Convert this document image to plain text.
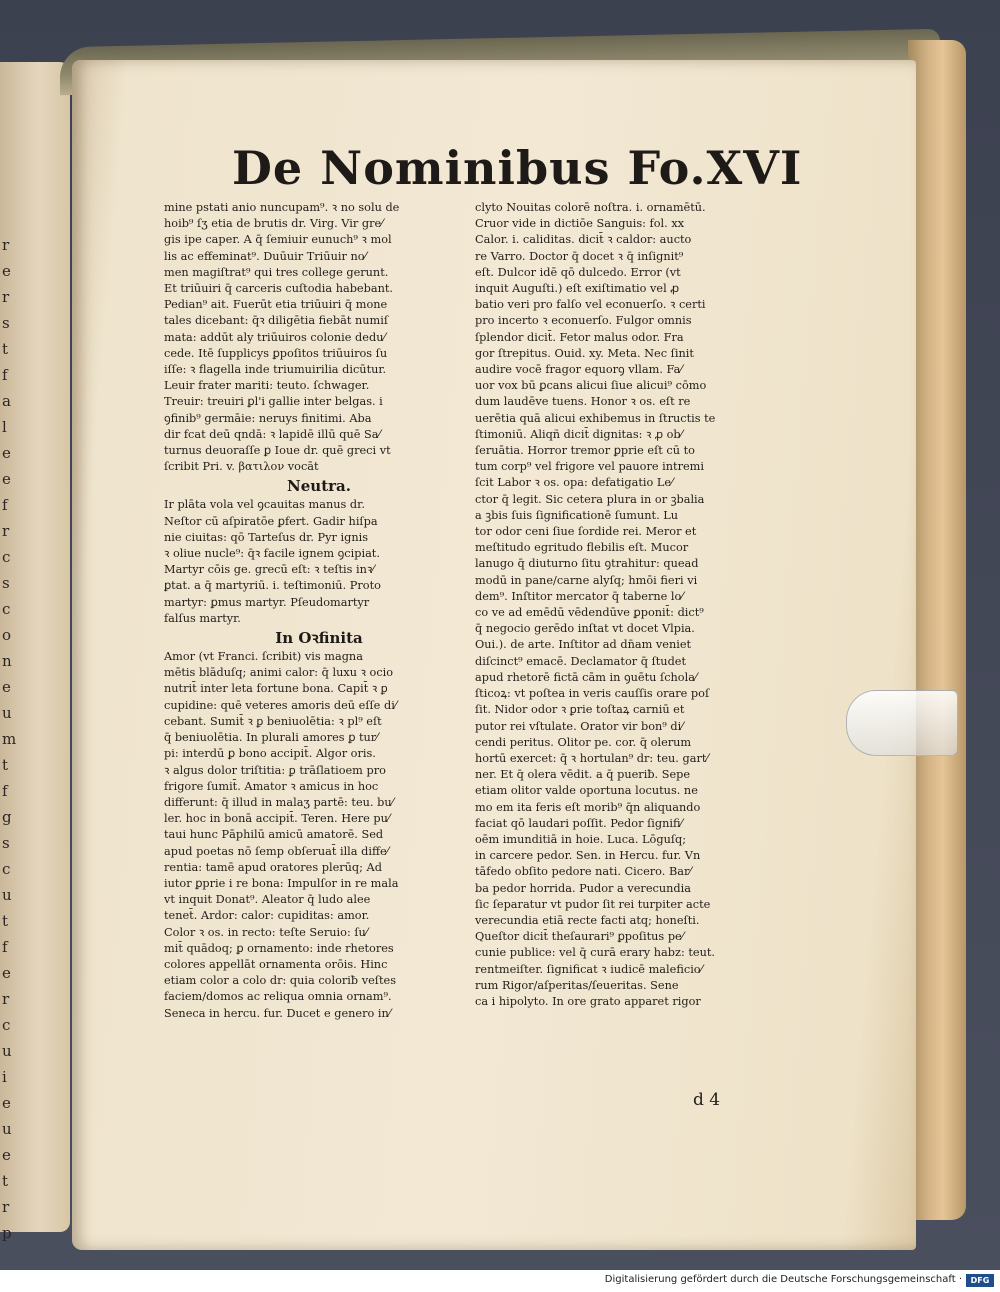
r e r s t f a l e e f r c s c o n e u m t f g s c u t f e r c u i e u e t r p
De Nominibus Fo.XVI
mine pstati anio nuncupam⁹. ꝛ no solu de
hoib⁹ ſʒ etia de brutis dr. Virg. Vir gre⁄
gis ipe caper. A q̄ ſemiuir eunuch⁹ ꝛ mol
lis ac effeminat⁹. Duūuir Triūuir no⁄
men magiſtrat⁹ qui tres college gerunt.
Et triūuiri q̄ carceris cuſtodia habebant.
Pedian⁹ ait. Fuerūt etia triūuiri q̄ mone
tales dicebant: q̄ꝛ diligētia fiebāt numiſ
mata: addūt aly triūuiros colonie dedu⁄
cede. Itē ſupplicys ꝑpoſitos triūuiros ſu
iſſe: ꝛ flagella inde triumuirilia dicūtur.
Leuir frater mariti: teuto. ſchwager.
Treuir: treuiri ꝑl'i gallie inter belgas. i
ꝯfinib⁹ germāie: neruys finitimi. Aba
dir fcat deū qndā: ꝛ lapidē illū quē Sa⁄
turnus deuoraſſe ꝑ Ioue dr. quē greci vt
ſcribit Pri. v. βατιλον vocāt
Neutra.
Ir plāta vola vel ꝯcauitas manus dr.
Neſtor cū aſpiratōe ꝑfert. Gadir hiſpa
nie ciuitas: qō Tarteſus dr. Pyr ignis
ꝛ oliue nucle⁹: q̄ꝛ facile ignem ꝯcipiat.
Martyr cōis ge. grecū eſt: ꝛ teſtis inꝛ⁄
ꝑtat. a q̄ martyriū. i. teſtimoniū. Proto
martyr: ꝑmus martyr. Pſeudomartyr
falſus martyr.
In Oꝛfinita
Amor (vt Franci. ſcribit) vis magna
mētis blāduſq; animi calor: q̄ luxu ꝛ ocio
nutrit̄ inter leta fortune bona. Capit̄ ꝛ ꝑ
cupidine: quē veteres amoris deū eſſe di⁄
cebant. Sumit̄ ꝛ ꝑ beniuolētia: ꝛ pl⁹ eſt
q̄ beniuolētia. In plurali amores ꝑ tur⁄
pi: interdū ꝑ bono accipit̄. Algor oris.
ꝛ algus dolor triſtitia: ꝑ trāſlatioem pro
frigore ſumit̄. Amator ꝛ amicus in hoc
differunt: q̄ illud in malaʒ partē: teu. bu⁄
ler. hoc in bonā accipit̄. Teren. Here pu⁄
taui hunc Pāphilū amicū amatorē. Sed
apud poetas nō ſemp obſeruat̄ illa diffe⁄
rentia: tamē apud oratores plerūq; Ad
iutor ꝑprie i re bona: Impulſor in re mala
vt inquit Donat⁹. Aleator q̄ ludo alee
tenet̄. Ardor: calor: cupiditas: amor.
Color ꝛ os. in recto: teſte Seruio: ſu⁄
mit̄ quādoq; ꝑ ornamento: inde rhetores
colores appellāt ornamenta orōis. Hinc
etiam color a colo dr: quia coloriƀ veſtes
faciem/domos ac reliqua omnia ornam⁹.
Seneca in hercu. fur. Ducet e genero in⁄
clyto Nouitas colorē noſtra. i. ornamētū.
Cruor vide in dictiōe Sanguis: fol. xx
Calor. i. caliditas. dicit̄ ꝛ caldor: aucto
re Varro. Doctor q̄ docet ꝛ q̄ inſignit⁹
eſt. Dulcor idē qō dulcedo. Error (vt
inquit Auguſti.) eſt exiſtimatio vel ꝓ
batio veri pro falſo vel econuerſo. ꝛ certi
pro incerto ꝛ econuerſo. Fulgor omnis
ſplendor dicit̄. Fetor malus odor. Fra
gor ſtrepitus. Ouid. xy. Meta. Nec ſinit
audire vocē fragor equorꝯ vllam. Fa⁄
uor vox bū ꝑcans alicui ſiue alicui⁹ cōmo
dum laudēve tuens. Honor ꝛ os. eſt re
uerētia quā alicui exhibemus in ſtructis te
ſtimoniū. Aliqñ dicit̄ dignitas: ꝛ ꝓ ob⁄
ſeruātia. Horror tremor ꝑprie eſt cū to
tum corp⁹ vel frigore vel pauore intremi
ſcit Labor ꝛ os. opa: defatigatio Le⁄
ctor q̄ legit. Sic cetera plura in or ꝫbalia
a ꝫbis ſuis ſignificationē ſumunt. Lu
tor odor ceni ſiue ſordide rei. Meror et
meſtitudo egritudo flebilis eſt. Mucor
lanugo q̄ diuturno ſitu ꝯtrahitur: quead
modū in pane/carne alyſq; hmōi fieri vi
dem⁹. Inſtitor mercator q̄ taberne lo⁄
co ve ad emēdū vēdendūve ꝑponit̄: dict⁹
q̄ negocio gerēdo inſtat vt docet Vlpia.
Oui.). de arte. Inſtitor ad dn̄am veniet
diſcinct⁹ emacē. Declamator q̄ ſtudet
apud rhetorē fictā cām in ꝯuētu ſchola⁄
ſticoꝝ: vt poſtea in veris cauſſis orare poſ
ſit. Nidor odor ꝛ ꝑrie toſtaꝝ carniū et
putor rei vſtulate. Orator vir bon⁹ di⁄
cendi peritus. Olitor pe. cor. q̄ olerum
hortū exercet: q̄ ꝛ hortulan⁹ dr: teu. gart⁄
ner. Et q̄ olera vēdit. a q̄ pueriƀ. Sepe
etiam olitor valde oportuna locutus. ne
mo em ita feris eſt morib⁹ q̄n aliquando
faciat qō laudari poſſit. Pedor ſignifi⁄
oēm imunditiā in hoie. Luca. Lōguſq;
in carcere pedor. Sen. in Hercu. fur. Vn
tāfedo obſito pedore nati. Cicero. Bar⁄
ba pedor horrida. Pudor a verecundia
ſic ſeparatur vt pudor ſit rei turpiter acte
verecundia etiā recte facti atq; honeſti.
Queſtor dicit̄ theſaurari⁹ ꝑpoſitus pe⁄
cunie publice: vel q̄ curā erary habz: teut.
rentmeiſter. ſignificat ꝛ iudicē maleficio⁄
rum Rigor/aſperitas/ſeueritas. Sene
ca i hipolyto. In ore grato apparet rigor
d 4
Digitalisierung gefördert durch die Deutsche Forschungsgemeinschaft ·	DFG
